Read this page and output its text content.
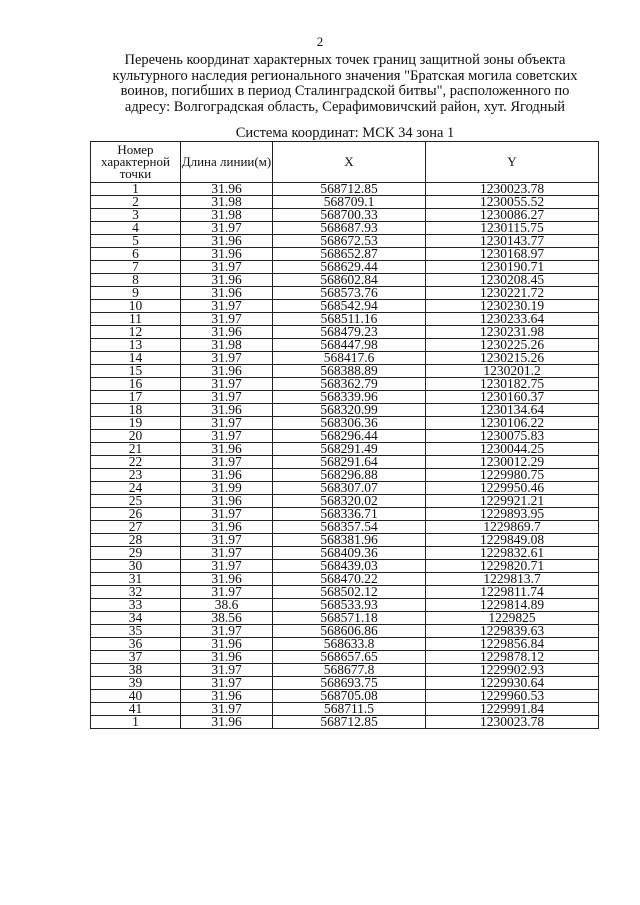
2
Перечень координат характерных точек границ защитной зоны объекта
культурного наследия регионального значения "Братская могила советских
воинов, погибших в период Сталинградской битвы", расположенного по
адресу: Волгоградская область, Серафимовичский район, хут. Ягодный
Система координат: МСК 34 зона 1
Номер характерной точки	Длина линии(м)	X	Y
1	31.96	568712.85	1230023.78
2	31.98	568709.1	1230055.52
3	31.98	568700.33	1230086.27
4	31.97	568687.93	1230115.75
5	31.96	568672.53	1230143.77
6	31.96	568652.87	1230168.97
7	31.97	568629.44	1230190.71
8	31.96	568602.84	1230208.45
9	31.96	568573.76	1230221.72
10	31.97	568542.94	1230230.19
11	31.97	568511.16	1230233.64
12	31.96	568479.23	1230231.98
13	31.98	568447.98	1230225.26
14	31.97	568417.6	1230215.26
15	31.96	568388.89	1230201.2
16	31.97	568362.79	1230182.75
17	31.97	568339.96	1230160.37
18	31.96	568320.99	1230134.64
19	31.97	568306.36	1230106.22
20	31.97	568296.44	1230075.83
21	31.96	568291.49	1230044.25
22	31.97	568291.64	1230012.29
23	31.96	568296.88	1229980.75
24	31.99	568307.07	1229950.46
25	31.96	568320.02	1229921.21
26	31.97	568336.71	1229893.95
27	31.96	568357.54	1229869.7
28	31.97	568381.96	1229849.08
29	31.97	568409.36	1229832.61
30	31.97	568439.03	1229820.71
31	31.96	568470.22	1229813.7
32	31.97	568502.12	1229811.74
33	38.6	568533.93	1229814.89
34	38.56	568571.18	1229825
35	31.97	568606.86	1229839.63
36	31.96	568633.8	1229856.84
37	31.96	568657.65	1229878.12
38	31.97	568677.8	1229902.93
39	31.97	568693.75	1229930.64
40	31.96	568705.08	1229960.53
41	31.97	568711.5	1229991.84
1	31.96	568712.85	1230023.78
